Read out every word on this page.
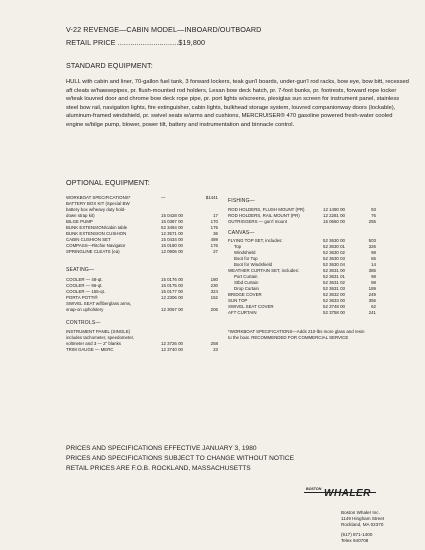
V-22 REVENGE—CABIN MODEL—INBOARD/OUTBOARD
RETAIL PRICE .............................$19,800
STANDARD EQUIPMENT:
HULL with cabin and liner, 70-gallon fuel tank, 3 forward lockers, teak gun'l boards, under-gun'l rod racks, bow eye, bow bitt, recessed aft cleats w/hawsepipes, pr. flush-mounted rod holders, Lexan bow deck hatch, pr. 7-foot bunks, pr. footrests, forward rope locker w/teak louvred door and chrome bow deck rope pipe, pr. port lights w/screens, plexiglas sun screen for instrument panel, stainless steel bow rail, navigation lights, fire extinguisher, cabin lights, bulkhead storage system, louvred companionway doors (lockable), aluminum-framed windshield, pr. swivel seats w/arms and cushions, MERCRUISER® 470 gasoline powered fresh-water cooled engine w/bilge pump, blower, power tilt, battery and instrumentation and binnacle control.
OPTIONAL EQUIPMENT:
WORKBOAT SPECIFICATIONS*	—	$1441
BATTERY BOX KIT (Special BW
battery box w/heavy duty hold-
down strap kit)	15 0428 00	17
BILGE PUMP	15 0387 00	170
BUNK EXTENSION/cabin table	62 3494 00	175
BUNK EXTENSION CUSHION	12 3571 00	36
CABIN CUSHION SET	15 0434 00	489
COMPASS—Ritchie Navigator	15 0180 00	176
SPRINGLINE CLEATS (ea)	12 0906 00	27
SEATING—
COOLER — 48-qt.	15 0176 00	180
COOLER — 96-qt.	15 0175 00	230
COOLER — 155-qt.	15 0177 00	324
PORTA POTTI®	12 2306 00	152
SWIVEL SEAT w/fiberglass arms,
snap-on upholstery	12 3067 00	206
CONTROLS—
INSTRUMENT PANEL (SINGLE)
includes tachometer, speedometer,
voltmeter and 3 — 2" blanks	12 3726 00	258
TRIM GAUGE — MERC	12 3740 00	23
FISHING—
ROD HOLDERS, FLUSH MOUNT (PR)	12 1490 00	93
ROD HOLDERS, RAIL MOUNT (PR)	12 2281 00	76
OUTRIGGERS — gun'l mount	15 0660 00	255
CANVAS—
FLYING TOP SET, includes:	52 3630 00	503
Top	52 3630 01	326
Windshield	52 3630 02	98
Boot for Top	52 3630 03	65
Boot for Windshield	52 3630 04	14
WEATHER CURTAIN SET, includes:	52 3631 00	385
Port Curtain	52 3631 01	98
Stbd Curtain	52 3631 02	98
Drop Curtain	52 3631 03	189
BRIDGE COVER	52 3632 00	249
SUN TOP	52 3633 00	356
SWIVEL SEAT COVER	52 3748 00	62
AFT CURTAIN	52 3758 00	241
*WORKBOAT SPECIFICATIONS—Adds 210-lbs more glass and resin to the boat. RECOMMENDED FOR COMMERCIAL SERVICE
PRICES AND SPECIFICATIONS EFFECTIVE JANUARY 3, 1980
PRICES AND SPECIFICATIONS SUBJECT TO CHANGE WITHOUT NOTICE
RETAIL PRICES ARE F.O.B. ROCKLAND, MASSACHUSETTS
BOSTON WHALER
Boston Whaler Inc.
1149 Hingham Street
Rockland, MA 02370
(617) 871-1400
Telex 940708
